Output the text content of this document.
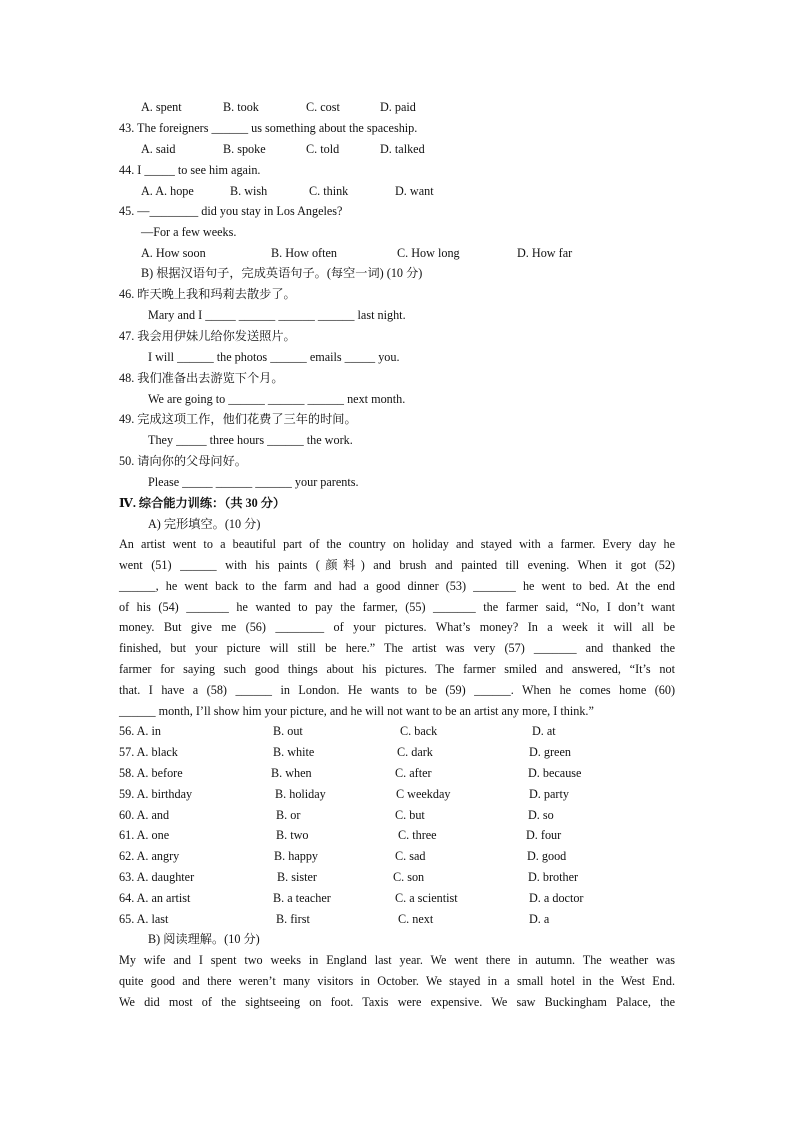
A. spent	B. took	C. cost	D. paid
43. The foreigners ______ us something about the spaceship.
A. said	B. spoke	C. told	D. talked
44. I _____ to see him again.
A. A. hope	B. wish	C. think	D. want
45. —________ did you stay in Los Angeles?
—For a few weeks.
A. How soon	B. How often	C. How long	D. How far
B) 根据汉语句子，完成英语句子。(每空一词) (10 分)
46. 昨天晚上我和玛莉去散步了。
Mary and I _____ ______ ______ ______ last night.
47. 我会用伊妹儿给你发送照片。
I will ______ the photos ______ emails _____ you.
48. 我们准备出去游览下个月。
We are going to ______ ______ ______ next month.
49. 完成这项工作，他们花费了三年的时间。
They _____ three hours ______ the work.
50. 请向你的父母问好。
Please _____ ______ ______ your parents.
Ⅳ. 综合能力训练：（共 30 分）
A) 完形填空。(10 分)
An artist went to a beautiful part of the country on holiday and stayed with a farmer. Every day he
went (51) ______ with his paints (颜料) and brush and painted till evening. When it got (52)
______, he went back to the farm and had a good dinner (53) _______ he went to bed. At the end
of his (54) _______ he wanted to pay the farmer, (55) _______ the farmer said, “No, I don’t want
money. But give me (56) ________ of your pictures. What’s money? In a week it will all be
finished, but your picture will still be here.” The artist was very (57) _______ and thanked the
farmer for saying such good things about his pictures. The farmer smiled and answered, “It’s not
that. I have a (58) ______ in London. He wants to be (59) ______. When he comes home (60)
______ month, I’ll show him your picture, and he will not want to be an artist any more, I think.”
56. A. in	B. out	C. back	D. at
57. A. black	B. white	C. dark	D. green
58. A. before	B. when	C. after	D. because
59. A. birthday	B. holiday	C weekday	D. party
60. A. and	B. or	C. but	D. so
61. A. one	B. two	C. three	D. four
62. A. angry	B. happy	C. sad	D. good
63. A. daughter	B. sister	C. son	D. brother
64. A. an artist	B. a teacher	C. a scientist	D. a doctor
65. A. last	B. first	C. next	D. a
B) 阅读理解。(10 分)
My wife and I spent two weeks in England last year. We went there in autumn. The weather was
quite good and there weren’t many visitors in October. We stayed in a small hotel in the West End.
We did most of the sightseeing on foot. Taxis were expensive. We saw Buckingham Palace, the
